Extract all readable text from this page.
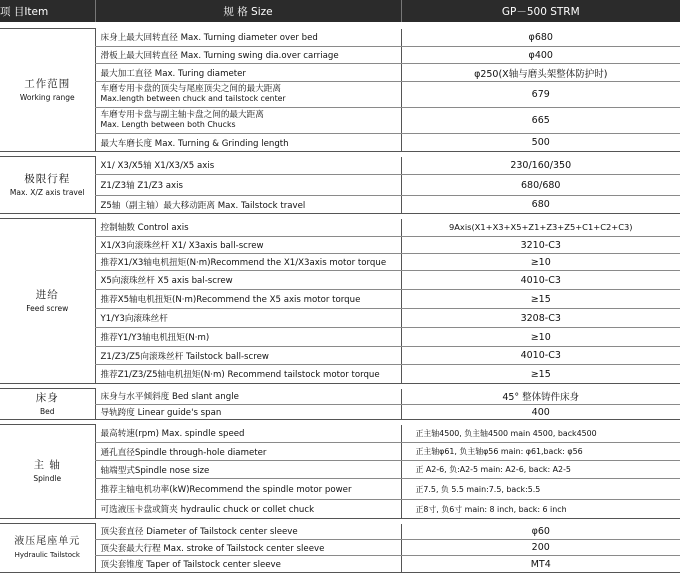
项 目Item	规 格 Size	GP－500 STRM

工作范围
Working range	床身上最大回转直径 Max. Turning diameter over bed	φ680
	滑板上最大回转直径 Max. Turning swing dia.over carriage	φ400
	最大加工直径 Max. Turing diameter	φ250(X轴与磨头架整体防护时)

	车磨专用卡盘的顶尖与尾座顶尖之间的最大距离
Max.length between chuck and tailstock center	679

	车磨专用卡盘与副主轴卡盘之间的最大距离
Max. Length between both Chucks	665
	最大车磨长度 Max. Turning & Grinding length	500

极限行程
Max. X/Z axis travel	X1/ X3/X5轴 X1/X3/X5 axis	230/160/350
	Z1/Z3轴 Z1/Z3 axis	680/680
	Z5轴（副主轴）最大移动距离 Max. Tailstock travel	680

进给
Feed screw	控制轴数 Control axis	9Axis(X1+X3+X5+Z1+Z3+Z5+C1+C2+C3)
	X1/X3向滚珠丝杆 X1/ X3axis ball-screw	3210-C3
	推荐X1/X3轴电机扭矩(N·m)Recommend the X1/X3axis motor torque	≥10
	X5向滚珠丝杆 X5 axis bal-screw	4010-C3
	推荐X5轴电机扭矩(N·m)Recommend the X5 axis motor torque	≥15
	Y1/Y3向滚珠丝杆	3208-C3
	推荐Y1/Y3轴电机扭矩(N·m)	≥10
	Z1/Z3/Z5向滚珠丝杆 Tailstock ball-screw	4010-C3
	推荐Z1/Z3/Z5轴电机扭矩(N·m) Recommend tailstock motor torque	≥15

床身
Bed	床身与水平倾斜度 Bed slant angle	45° 整体铸件床身
	导轨跨度 Linear guide's span	400

主 轴
Spindle	最高转速(rpm) Max. spindle speed	正主轴4500, 负主轴4500 main 4500, back4500
	通孔直径Spindle through-hole diameter	正主轴φ61, 负主轴φ56 main: φ61,back: φ56
	轴端型式Spindle nose size	正 A2-6, 负:A2-5 main: A2-6, back: A2-5
	推荐主轴电机功率(kW)Recommend the spindle motor power	正7.5, 负 5.5 main:7.5, back:5.5
	可选液压卡盘或简夹 hydraulic chuck or collet chuck	正8寸, 负6寸 main: 8 inch, back: 6 inch

液压尾座单元
Hydraulic Tailstock	顶尖套直径 Diameter of Tailstock center sleeve	φ60
	顶尖套最大行程 Max. stroke of Tailstock center sleeve	200
	顶尖套锥度 Taper of Tailstock center sleeve	MT4
